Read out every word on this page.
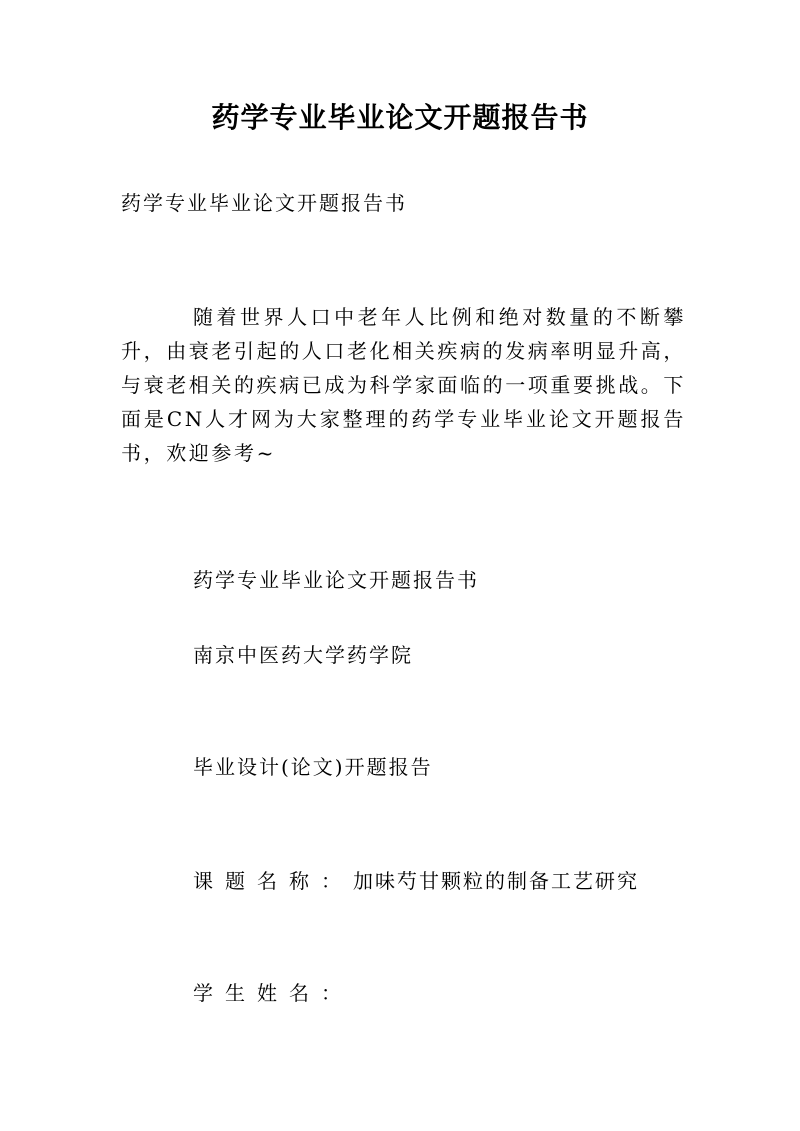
药学专业毕业论文开题报告书
药学专业毕业论文开题报告书
随着世界人口中老年人比例和绝对数量的不断攀升，由衰老引起的人口老化相关疾病的发病率明显升高，与衰老相关的疾病已成为科学家面临的一项重要挑战。下面是CN人才网为大家整理的药学专业毕业论文开题报告书，欢迎参考~
药学专业毕业论文开题报告书
南京中医药大学药学院
毕业设计(论文)开题报告
课题名称：加味芍甘颗粒的制备工艺研究
学生姓名：
